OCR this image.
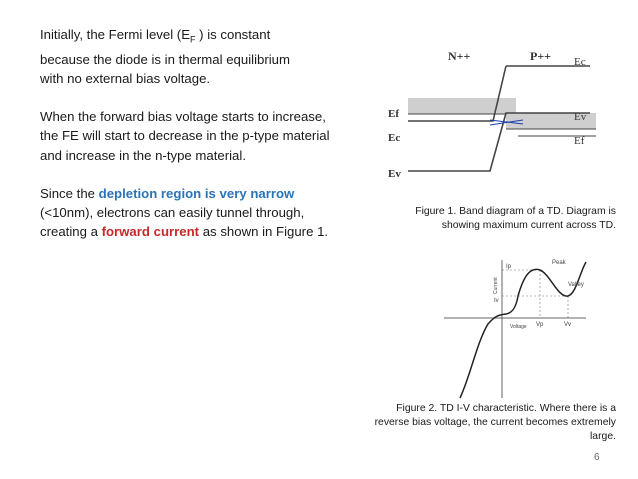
Initially, the Fermi level ($E_F$ ) is constant

because the diode is in thermal equilibrium

with no external bias voltage.

When the forward bias voltage starts to increase,

the FE will start to decrease in the p-type material

and increase in the n-type material.

Since the depletion region is very narrow

(<10nm), electrons can easily tunnel through,

creating a forward current as shown in Figure 1.

N++	P++ Ec
Ev
Ef
Ef
Ec
Ev
Figure 1. Band diagram of a TD. Diagram is showing maximum current across TD.
Ip
Peak
Valley
Iv
Vp	Vv
Voltage
Current
Figure 2. TD I-V characteristic. Where there is a reverse bias voltage, the current becomes extremely large.
6
